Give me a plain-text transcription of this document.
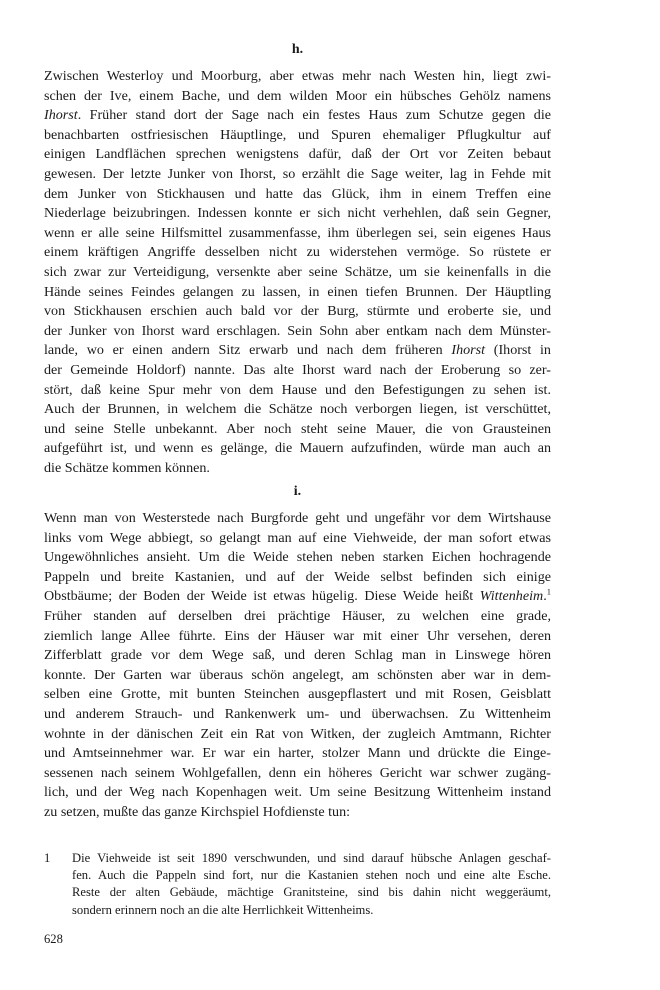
h.
Zwischen Westerloy und Moorburg, aber etwas mehr nach Westen hin, liegt zwi-
schen der Ive, einem Bache, und dem wilden Moor ein hübsches Gehölz namens
Ihorst. Früher stand dort der Sage nach ein festes Haus zum Schutze gegen die
benachbarten ostfriesischen Häuptlinge, und Spuren ehemaliger Pflugkultur auf
einigen Landflächen sprechen wenigstens dafür, daß der Ort vor Zeiten bebaut
gewesen. Der letzte Junker von Ihorst, so erzählt die Sage weiter, lag in Fehde mit
dem Junker von Stickhausen und hatte das Glück, ihm in einem Treffen eine
Niederlage beizubringen. Indessen konnte er sich nicht verhehlen, daß sein Gegner,
wenn er alle seine Hilfsmittel zusammenfasse, ihm überlegen sei, sein eigenes Haus
einem kräftigen Angriffe desselben nicht zu widerstehen vermöge. So rüstete er
sich zwar zur Verteidigung, versenkte aber seine Schätze, um sie keinenfalls in die
Hände seines Feindes gelangen zu lassen, in einen tiefen Brunnen. Der Häuptling
von Stickhausen erschien auch bald vor der Burg, stürmte und eroberte sie, und
der Junker von Ihorst ward erschlagen. Sein Sohn aber entkam nach dem Münster-
lande, wo er einen andern Sitz erwarb und nach dem früheren Ihorst (Ihorst in
der Gemeinde Holdorf) nannte. Das alte Ihorst ward nach der Eroberung so zer-
stört, daß keine Spur mehr von dem Hause und den Befestigungen zu sehen ist.
Auch der Brunnen, in welchem die Schätze noch verborgen liegen, ist verschüttet,
und seine Stelle unbekannt. Aber noch steht seine Mauer, die von Grausteinen
aufgeführt ist, und wenn es gelänge, die Mauern aufzufinden, würde man auch an
die Schätze kommen können.
i.
Wenn man von Westerstede nach Burgforde geht und ungefähr vor dem Wirtshause
links vom Wege abbiegt, so gelangt man auf eine Viehweide, der man sofort etwas
Ungewöhnliches ansieht. Um die Weide stehen neben starken Eichen hochragende
Pappeln und breite Kastanien, und auf der Weide selbst befinden sich einige
Obstbäume; der Boden der Weide ist etwas hügelig. Diese Weide heißt Wittenheim.$^1$
Früher standen auf derselben drei prächtige Häuser, zu welchen eine grade,
ziemlich lange Allee führte. Eins der Häuser war mit einer Uhr versehen, deren
Zifferblatt grade vor dem Wege saß, und deren Schlag man in Linswege hören
konnte. Der Garten war überaus schön angelegt, am schönsten aber war in dem-
selben eine Grotte, mit bunten Steinchen ausgepflastert und mit Rosen, Geisblatt
und anderem Strauch- und Rankenwerk um- und überwachsen. Zu Wittenheim
wohnte in der dänischen Zeit ein Rat von Witken, der zugleich Amtmann, Richter
und Amtseinnehmer war. Er war ein harter, stolzer Mann und drückte die Einge-
sessenen nach seinem Wohlgefallen, denn ein höheres Gericht war schwer zugäng-
lich, und der Weg nach Kopenhagen weit. Um seine Besitzung Wittenheim instand
zu setzen, mußte das ganze Kirchspiel Hofdienste tun:
1 Die Viehweide ist seit 1890 verschwunden, und sind darauf hübsche Anlagen geschaf-
fen. Auch die Pappeln sind fort, nur die Kastanien stehen noch und eine alte Esche.
Reste der alten Gebäude, mächtige Granitsteine, sind bis dahin nicht weggeräumt,
sondern erinnern noch an die alte Herrlichkeit Wittenheims.
628
